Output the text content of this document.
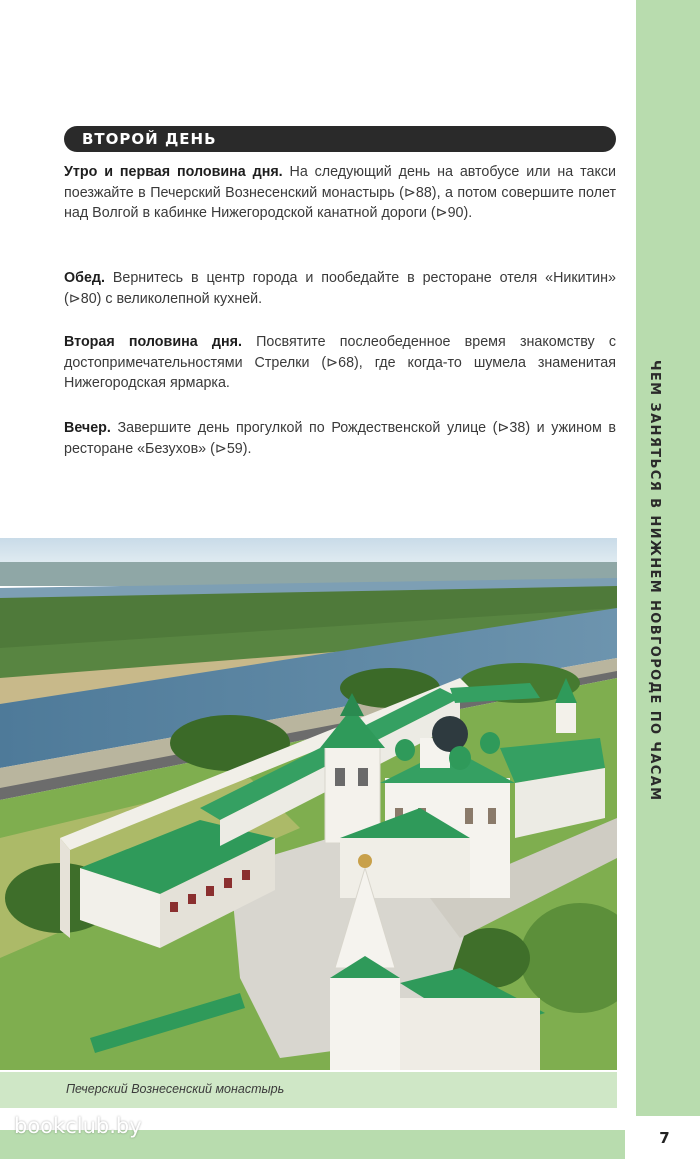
ЧЕМ ЗАНЯТЬСЯ В НИЖНЕМ НОВГОРОДЕ ПО ЧАСАМ
ВТОРОЙ ДЕНЬ
Утро и первая половина дня. На следующий день на автобусе или на такси поезжайте в Печерский Вознесенский монастырь (⊳88), а потом совершите полет над Волгой в кабинке Нижегородской канатной дороги (⊳90).
Обед. Вернитесь в центр города и пообедайте в ресторане отеля «Никитин» (⊳80) с великолепной кухней.
Вторая половина дня. Посвятите послеобеденное время знакомству с достопримечательностями Стрелки (⊳68), где когда-то шумела знаменитая Нижегородская ярмарка.
Вечер. Завершите день прогулкой по Рождественской улице (⊳38) и ужином в ресторане «Безухов» (⊳59).
Печерский Вознесенский монастырь
bookclub.by	7
